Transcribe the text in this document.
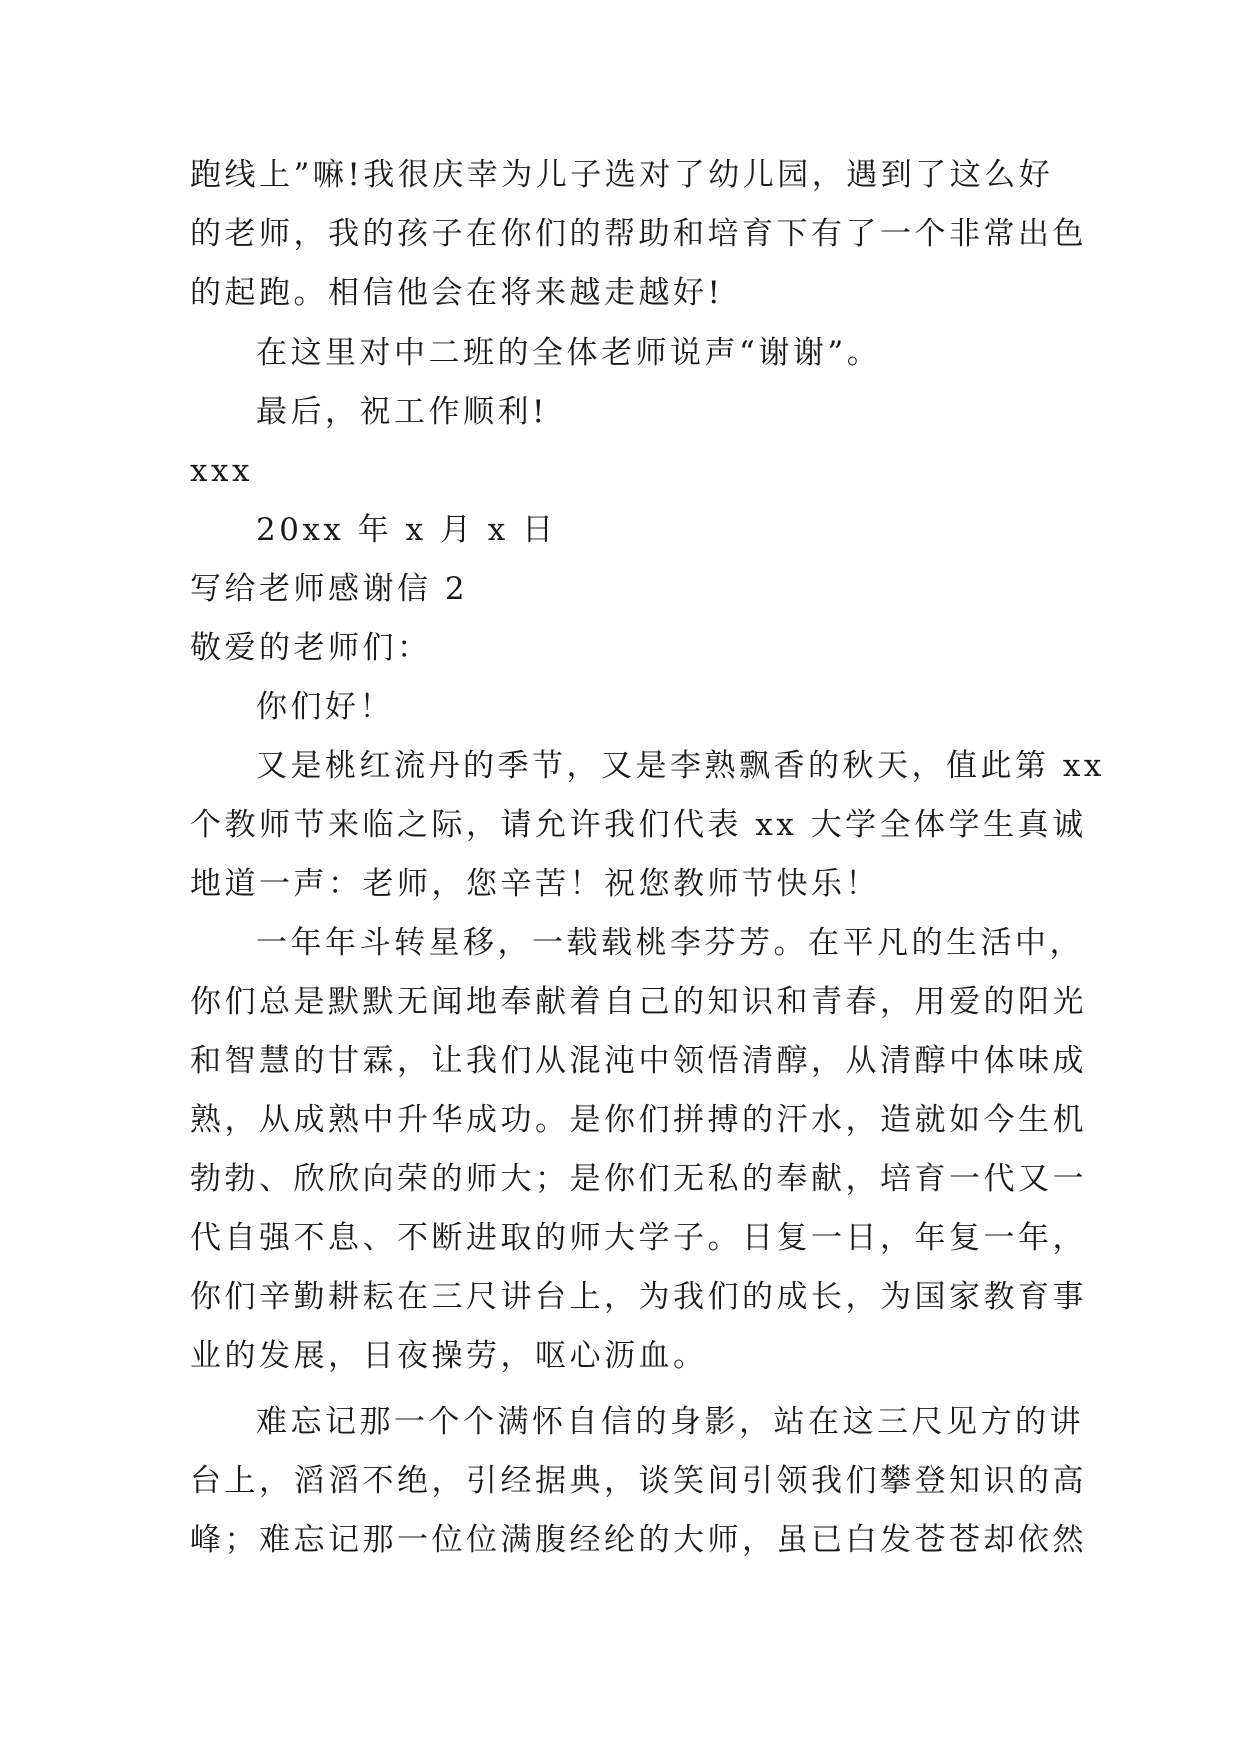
跑线上”嘛!我很庆幸为儿子选对了幼儿园，遇到了这么好
的老师，我的孩子在你们的帮助和培育下有了一个非常出色
的起跑。相信他会在将来越走越好!
在这里对中二班的全体老师说声“谢谢”。
最后，祝工作顺利!
xxx
20xx 年 x 月 x 日
写给老师感谢信 2
敬爱的老师们：
你们好！
又是桃红流丹的季节，又是李熟飘香的秋天，值此第 xx
个教师节来临之际，请允许我们代表 xx 大学全体学生真诚
地道一声：老师，您辛苦！祝您教师节快乐！
一年年斗转星移，一载载桃李芬芳。在平凡的生活中，
你们总是默默无闻地奉献着自己的知识和青春，用爱的阳光
和智慧的甘霖，让我们从混沌中领悟清醇，从清醇中体味成
熟，从成熟中升华成功。是你们拼搏的汗水，造就如今生机
勃勃、欣欣向荣的师大；是你们无私的奉献，培育一代又一
代自强不息、不断进取的师大学子。日复一日，年复一年，
你们辛勤耕耘在三尺讲台上，为我们的成长，为国家教育事
业的发展，日夜操劳，呕心沥血。
难忘记那一个个满怀自信的身影，站在这三尺见方的讲
台上，滔滔不绝，引经据典，谈笑间引领我们攀登知识的高
峰；难忘记那一位位满腹经纶的大师，虽已白发苍苍却依然
